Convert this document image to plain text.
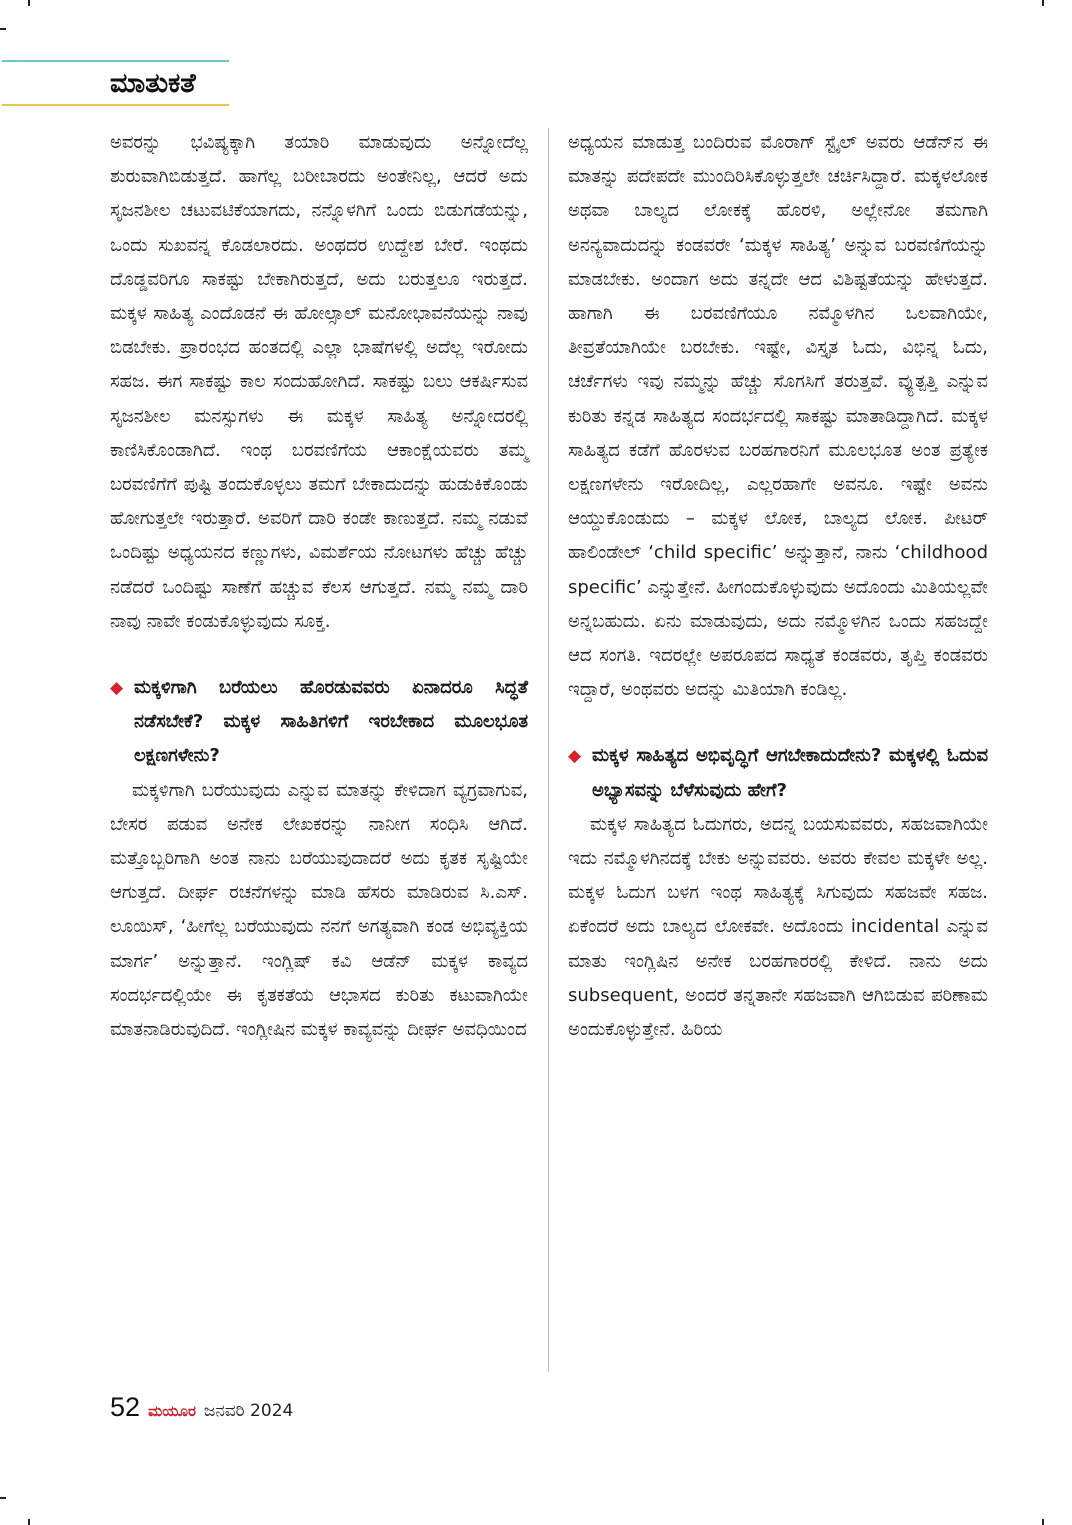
ಮಾತುಕತೆ

ಅವರನ್ನು ಭವಿಷ್ಯಕ್ಕಾಗಿ ತಯಾರಿ ಮಾಡುವುದು ಅನ್ನೋದೆಲ್ಲ ಶುರುವಾಗಿಬಿಡುತ್ತದೆ. ಹಾಗೆಲ್ಲ ಬರೀಬಾರದು ಅಂತೇನಿಲ್ಲ, ಆದರೆ ಅದು ಸೃಜನಶೀಲ ಚಟುವಟಿಕೆಯಾಗದು, ನನ್ನೊಳಗಿಗೆ ಒಂದು ಬಿಡುಗಡೆಯನ್ನು, ಒಂದು ಸುಖವನ್ನ ಕೊಡಲಾರದು. ಅಂಥದರ ಉದ್ದೇಶ ಬೇರೆ. ಇಂಥದು ದೊಡ್ಡವರಿಗೂ ಸಾಕಷ್ಟು ಬೇಕಾಗಿರುತ್ತದೆ, ಅದು ಬರುತ್ತಲೂ ಇರುತ್ತದೆ. ಮಕ್ಕಳ ಸಾಹಿತ್ಯ ಎಂದೊಡನೆ ಈ ಹೋಲ್ಸಾಲ್ ಮನೋಭಾವನೆಯನ್ನು ನಾವು ಬಿಡಬೇಕು. ಪ್ರಾರಂಭದ ಹಂತದಲ್ಲಿ ಎಲ್ಲಾ ಭಾಷೆಗಳಲ್ಲಿ ಅದೆಲ್ಲ ಇರೋದು ಸಹಜ. ಈಗ ಸಾಕಷ್ಟು ಕಾಲ ಸಂದುಹೋಗಿದೆ. ಸಾಕಷ್ಟು ಬಲು ಆಕರ್ಷಿಸುವ ಸೃಜನಶೀಲ ಮನಸ್ಸುಗಳು ಈ ಮಕ್ಕಳ ಸಾಹಿತ್ಯ ಅನ್ನೋದರಲ್ಲಿ ಕಾಣಿಸಿಕೊಂಡಾಗಿದೆ. ಇಂಥ ಬರವಣಿಗೆಯ ಆಕಾಂಕ್ಷೆಯವರು ತಮ್ಮ ಬರವಣಿಗೆಗೆ ಪುಷ್ಟಿ ತಂದುಕೊಳ್ಳಲು ತಮಗೆ ಬೇಕಾದುದನ್ನು ಹುಡುಕಿಕೊಂಡು ಹೋಗುತ್ತಲೇ ಇರುತ್ತಾರೆ. ಅವರಿಗೆ ದಾರಿ ಕಂಡೇ ಕಾಣುತ್ತದೆ. ನಮ್ಮ ನಡುವೆ ಒಂದಿಷ್ಟು ಅಧ್ಯಯನದ ಕಣ್ಣುಗಳು, ವಿಮರ್ಶೆಯ ನೋಟಗಳು ಹೆಚ್ಚು ಹೆಚ್ಚು ನಡೆದರೆ ಒಂದಿಷ್ಟು ಸಾಣೆಗೆ ಹಚ್ಚುವ ಕೆಲಸ ಆಗುತ್ತದೆ. ನಮ್ಮ ನಮ್ಮ ದಾರಿ ನಾವು ನಾವೇ ಕಂಡುಕೊಳ್ಳುವುದು ಸೂಕ್ತ.

◆ ಮಕ್ಕಳಿಗಾಗಿ ಬರೆಯಲು ಹೊರಡುವವರು ಏನಾದರೂ ಸಿದ್ಧತೆ ನಡೆಸಬೇಕೆ? ಮಕ್ಕಳ ಸಾಹಿತಿಗಳಿಗೆ ಇರಬೇಕಾದ ಮೂಲಭೂತ ಲಕ್ಷಣಗಳೇನು?

ಮಕ್ಕಳಿಗಾಗಿ ಬರೆಯುವುದು ಎನ್ನುವ ಮಾತನ್ನು ಕೇಳಿದಾಗ ವ್ಯಗ್ರವಾಗುವ, ಬೇಸರ ಪಡುವ ಅನೇಕ ಲೇಖಕರನ್ನು ನಾನೀಗ ಸಂಧಿಸಿ ಆಗಿದೆ. ಮತ್ತೊಬ್ಬರಿಗಾಗಿ ಅಂತ ನಾನು ಬರೆಯುವುದಾದರೆ ಅದು ಕೃತಕ ಸೃಷ್ಟಿಯೇ ಆಗುತ್ತದೆ. ದೀರ್ಘ ರಚನೆಗಳನ್ನು ಮಾಡಿ ಹೆಸರು ಮಾಡಿರುವ ಸಿ.ಎಸ್. ಲೂಯಿಸ್, ‘ಹೀಗೆಲ್ಲ ಬರೆಯುವುದು ನನಗೆ ಅಗತ್ಯವಾಗಿ ಕಂಡ ಅಭಿವ್ಯಕ್ತಿಯ ಮಾರ್ಗ’ ಅನ್ನುತ್ತಾನೆ. ಇಂಗ್ಲಿಷ್ ಕವಿ ಆಡೆನ್ ಮಕ್ಕಳ ಕಾವ್ಯದ ಸಂದರ್ಭದಲ್ಲಿಯೇ ಈ ಕೃತಕತೆಯ ಆಭಾಸದ ಕುರಿತು ಕಟುವಾಗಿಯೇ ಮಾತನಾಡಿರುವುದಿದೆ. ಇಂಗ್ಲೀಷಿನ ಮಕ್ಕಳ ಕಾವ್ಯವನ್ನು ದೀರ್ಘ ಅವಧಿಯಿಂದ

ಅಧ್ಯಯನ ಮಾಡುತ್ತ ಬಂದಿರುವ ಮೊರಾಗ್ ಸ್ಟೈಲ್ ಅವರು ಆಡೆನ್‌ನ ಈ ಮಾತನ್ನು ಪದೇಪದೇ ಮುಂದಿರಿಸಿಕೊಳ್ಳುತ್ತಲೇ ಚರ್ಚಿಸಿದ್ದಾರೆ. ಮಕ್ಕಳಲೋಕ ಅಥವಾ ಬಾಲ್ಯದ ಲೋಕಕ್ಕೆ ಹೊರಳಿ, ಅಲ್ಲೇನೋ ತಮಗಾಗಿ ಅನನ್ಯವಾದುದನ್ನು ಕಂಡವರೇ ‘ಮಕ್ಕಳ ಸಾಹಿತ್ಯ’ ಅನ್ನುವ ಬರವಣಿಗೆಯನ್ನು ಮಾಡಬೇಕು. ಅಂದಾಗ ಅದು ತನ್ನದೇ ಆದ ವಿಶಿಷ್ಟತೆಯನ್ನು ಹೇಳುತ್ತದೆ. ಹಾಗಾಗಿ ಈ ಬರವಣಿಗೆಯೂ ನಮ್ಮೊಳಗಿನ ಒಲವಾಗಿಯೇ, ತೀವ್ರತೆಯಾಗಿಯೇ ಬರಬೇಕು. ಇಷ್ಟೇ, ವಿಸ್ತೃತ ಓದು, ವಿಭಿನ್ನ ಓದು, ಚರ್ಚೆಗಳು ಇವು ನಮ್ಮನ್ನು ಹೆಚ್ಚು ಸೊಗಸಿಗೆ ತರುತ್ತವೆ. ವ್ಯುತ್ಪತ್ತಿ ಎನ್ನುವ ಕುರಿತು ಕನ್ನಡ ಸಾಹಿತ್ಯದ ಸಂದರ್ಭದಲ್ಲಿ ಸಾಕಷ್ಟು ಮಾತಾಡಿದ್ದಾಗಿದೆ. ಮಕ್ಕಳ ಸಾಹಿತ್ಯದ ಕಡೆಗೆ ಹೊರಳುವ ಬರಹಗಾರನಿಗೆ ಮೂಲಭೂತ ಅಂತ ಪ್ರತ್ಯೇಕ ಲಕ್ಷಣಗಳೇನು ಇರೋದಿಲ್ಲ, ಎಲ್ಲರಹಾಗೇ ಅವನೂ. ಇಷ್ಟೇ ಅವನು ಆಯ್ದುಕೊಂಡುದು – ಮಕ್ಕಳ ಲೋಕ, ಬಾಲ್ಯದ ಲೋಕ. ಪೀಟರ್ ಹಾಲಿಂಡೇಲ್ ‘child specific’ ಅನ್ನುತ್ತಾನೆ, ನಾನು ‘childhood specific’ ಎನ್ನುತ್ತೇನೆ. ಹೀಗಂದುಕೊಳ್ಳುವುದು ಅದೊಂದು ಮಿತಿಯಲ್ಲವೇ ಅನ್ನಬಹುದು. ಏನು ಮಾಡುವುದು, ಅದು ನಮ್ಮೊಳಗಿನ ಒಂದು ಸಹಜದ್ದೇ ಆದ ಸಂಗತಿ. ಇದರಲ್ಲೇ ಅಪರೂಪದ ಸಾಧ್ಯತೆ ಕಂಡವರು, ತೃಪ್ತಿ ಕಂಡವರು ಇದ್ದಾರೆ, ಅಂಥವರು ಅದನ್ನು ಮಿತಿಯಾಗಿ ಕಂಡಿಲ್ಲ.

◆ ಮಕ್ಕಳ ಸಾಹಿತ್ಯದ ಅಭಿವೃದ್ಧಿಗೆ ಆಗಬೇಕಾದುದೇನು? ಮಕ್ಕಳಲ್ಲಿ ಓದುವ ಅಭ್ಯಾಸವನ್ನು ಬೆಳೆಸುವುದು ಹೇಗೆ?

ಮಕ್ಕಳ ಸಾಹಿತ್ಯದ ಓದುಗರು, ಅದನ್ನ ಬಯಸುವವರು, ಸಹಜವಾಗಿಯೇ ಇದು ನಮ್ಮೊಳಗಿನದಕ್ಕೆ ಬೇಕು ಅನ್ನುವವರು. ಅವರು ಕೇವಲ ಮಕ್ಕಳೇ ಅಲ್ಲ. ಮಕ್ಕಳ ಓದುಗ ಬಳಗ ಇಂಥ ಸಾಹಿತ್ಯಕ್ಕೆ ಸಿಗುವುದು ಸಹಜವೇ ಸಹಜ. ಏಕೆಂದರೆ ಅದು ಬಾಲ್ಯದ ಲೋಕವೇ. ಅದೊಂದು incidental ಎನ್ನುವ ಮಾತು ಇಂಗ್ಲಿಷಿನ ಅನೇಕ ಬರಹಗಾರರಲ್ಲಿ ಕೇಳಿದೆ. ನಾನು ಅದು subsequent, ಅಂದರೆ ತನ್ನತಾನೇ ಸಹಜವಾಗಿ ಆಗಿಬಿಡುವ ಪರಿಣಾಮ ಅಂದುಕೊಳ್ಳುತ್ತೇನೆ. ಹಿರಿಯ

52 ಮಯೂರ ಜನವರಿ 2024
